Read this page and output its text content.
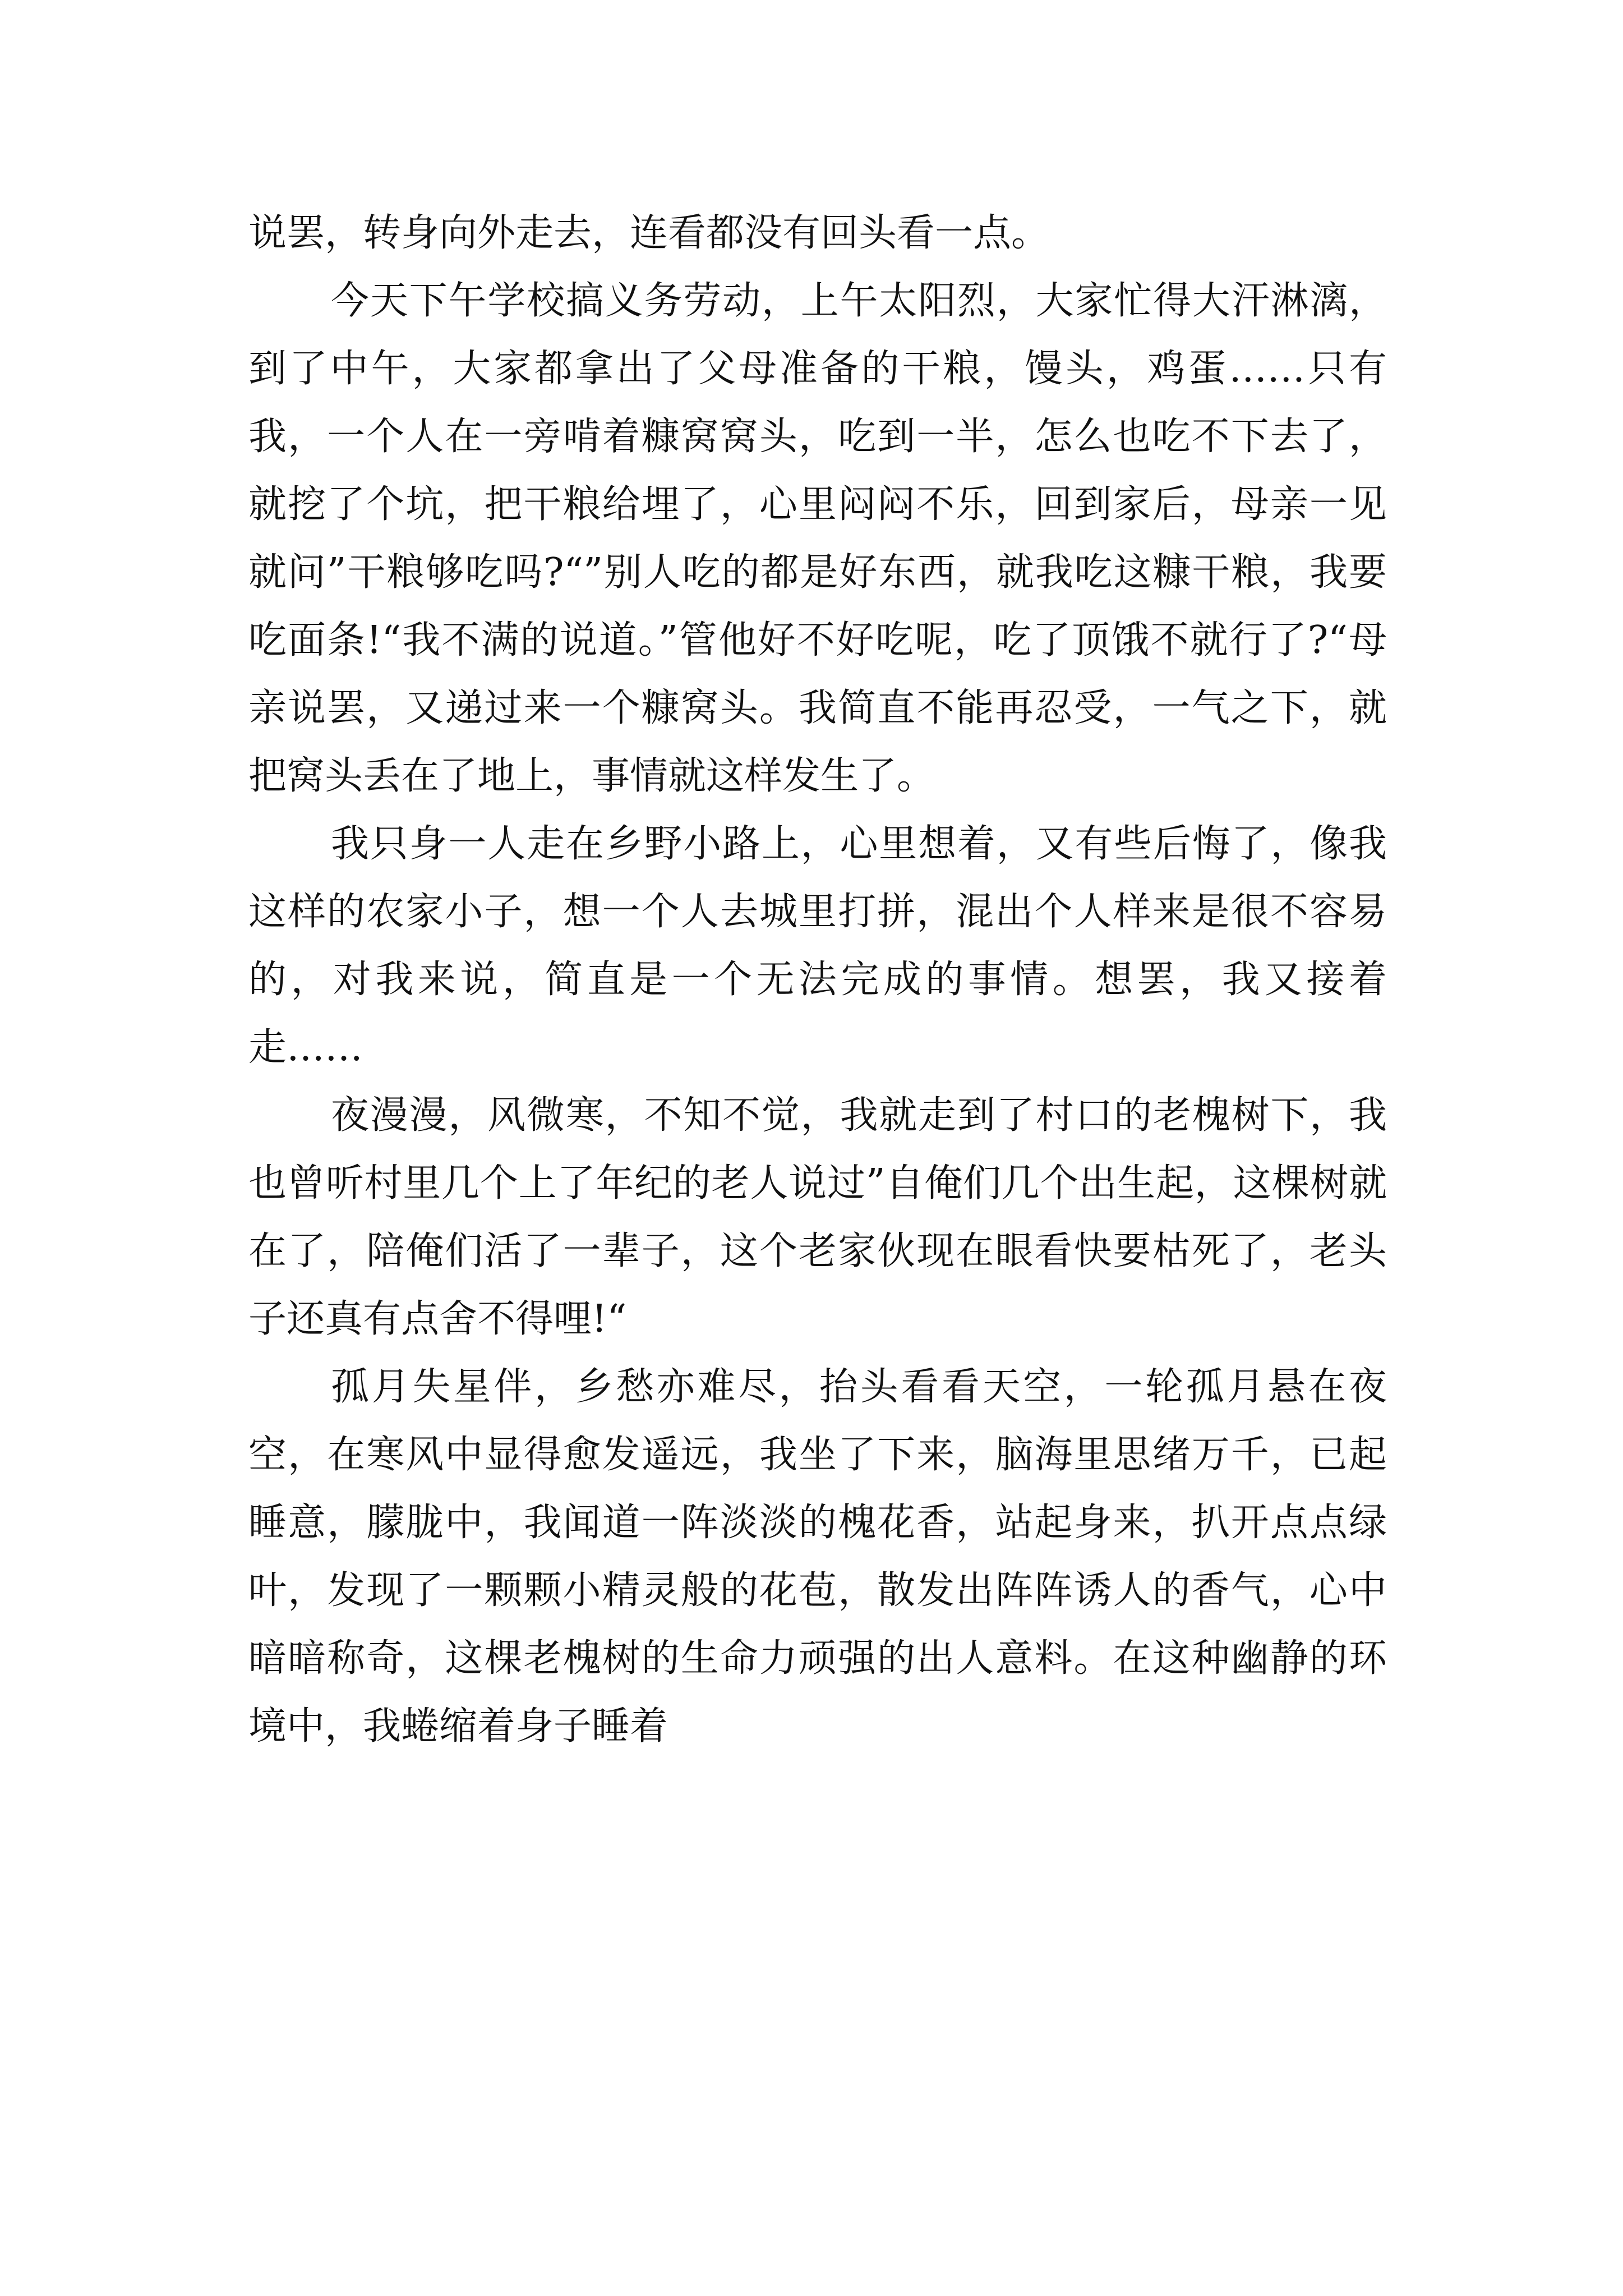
说罢，转身向外走去，连看都没有回头看一点。

今天下午学校搞义务劳动，上午太阳烈，大家忙得大汗淋漓，到了中午，大家都拿出了父母准备的干粮，馒头，鸡蛋……只有我，一个人在一旁啃着糠窝窝头，吃到一半，怎么也吃不下去了，就挖了个坑，把干粮给埋了，心里闷闷不乐，回到家后，母亲一见就问”干粮够吃吗?“”别人吃的都是好东西，就我吃这糠干粮，我要吃面条!“我不满的说道。”管他好不好吃呢，吃了顶饿不就行了?“母亲说罢，又递过来一个糠窝头。我简直不能再忍受，一气之下，就把窝头丢在了地上，事情就这样发生了。

我只身一人走在乡野小路上，心里想着，又有些后悔了，像我这样的农家小子，想一个人去城里打拼，混出个人样来是很不容易的，对我来说，简直是一个无法完成的事情。想罢，我又接着走……

夜漫漫，风微寒，不知不觉，我就走到了村口的老槐树下，我也曾听村里几个上了年纪的老人说过”自俺们几个出生起，这棵树就在了，陪俺们活了一辈子，这个老家伙现在眼看快要枯死了，老头子还真有点舍不得哩!“

孤月失星伴，乡愁亦难尽，抬头看看天空，一轮孤月悬在夜空，在寒风中显得愈发遥远，我坐了下来，脑海里思绪万千，已起睡意，朦胧中，我闻道一阵淡淡的槐花香，站起身来，扒开点点绿叶，发现了一颗颗小精灵般的花苞，散发出阵阵诱人的香气，心中暗暗称奇，这棵老槐树的生命力顽强的出人意料。在这种幽静的环境中，我蜷缩着身子睡着
